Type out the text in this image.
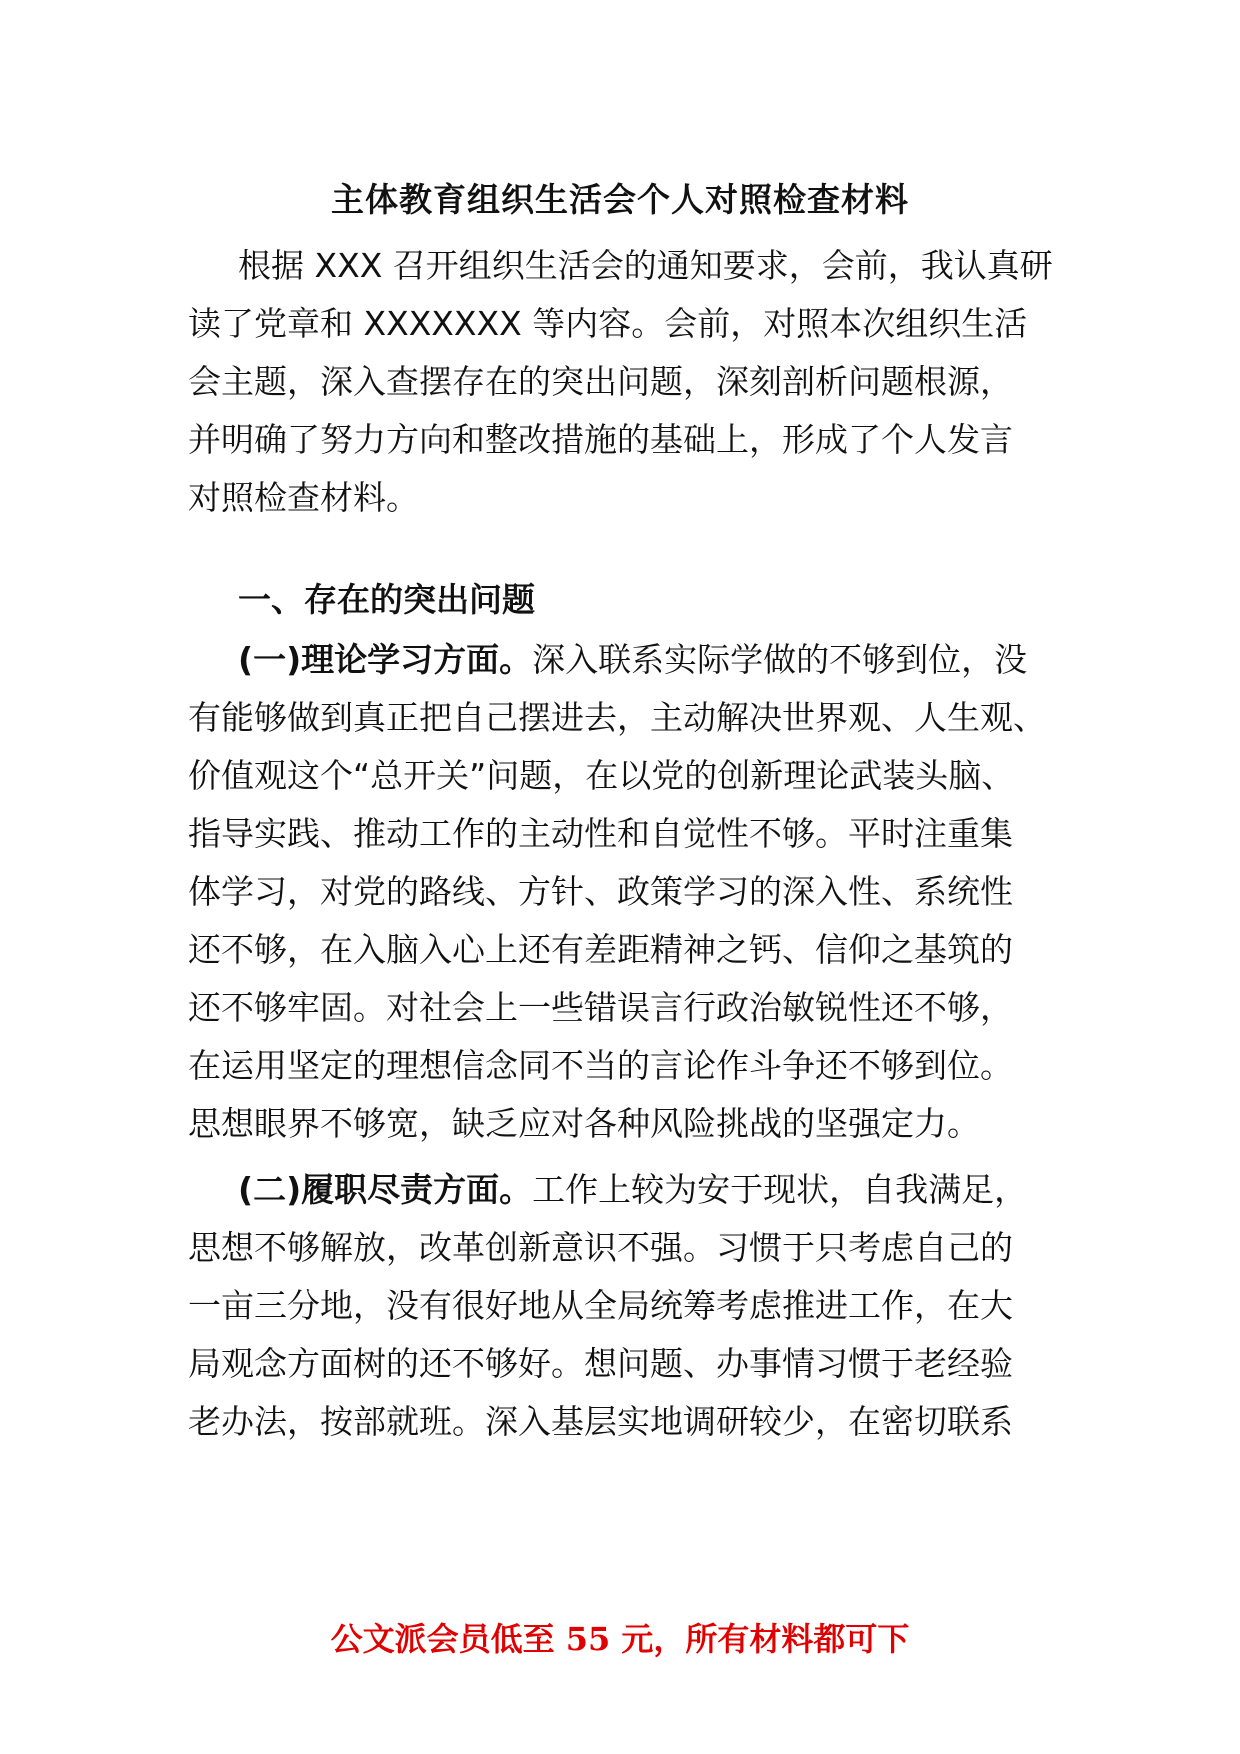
主体教育组织生活会个人对照检查材料
根据 XXX 召开组织生活会的通知要求，会前，我认真研
读了党章和 XXXXXXX 等内容。会前，对照本次组织生活
会主题，深入查摆存在的突出问题，深刻剖析问题根源，
并明确了努力方向和整改措施的基础上，形成了个人发言
对照检查材料。
一、存在的突出问题
(一)理论学习方面。深入联系实际学做的不够到位，没
有能够做到真正把自己摆进去，主动解决世界观、人生观、
价值观这个“总开关”问题，在以党的创新理论武装头脑、
指导实践、推动工作的主动性和自觉性不够。平时注重集
体学习，对党的路线、方针、政策学习的深入性、系统性
还不够，在入脑入心上还有差距精神之钙、信仰之基筑的
还不够牢固。对社会上一些错误言行政治敏锐性还不够，
在运用坚定的理想信念同不当的言论作斗争还不够到位。
思想眼界不够宽，缺乏应对各种风险挑战的坚强定力。
(二)履职尽责方面。工作上较为安于现状，自我满足，
思想不够解放，改革创新意识不强。习惯于只考虑自己的
一亩三分地，没有很好地从全局统筹考虑推进工作，在大
局观念方面树的还不够好。想问题、办事情习惯于老经验
老办法，按部就班。深入基层实地调研较少，在密切联系
公文派会员低至 55 元，所有材料都可下
